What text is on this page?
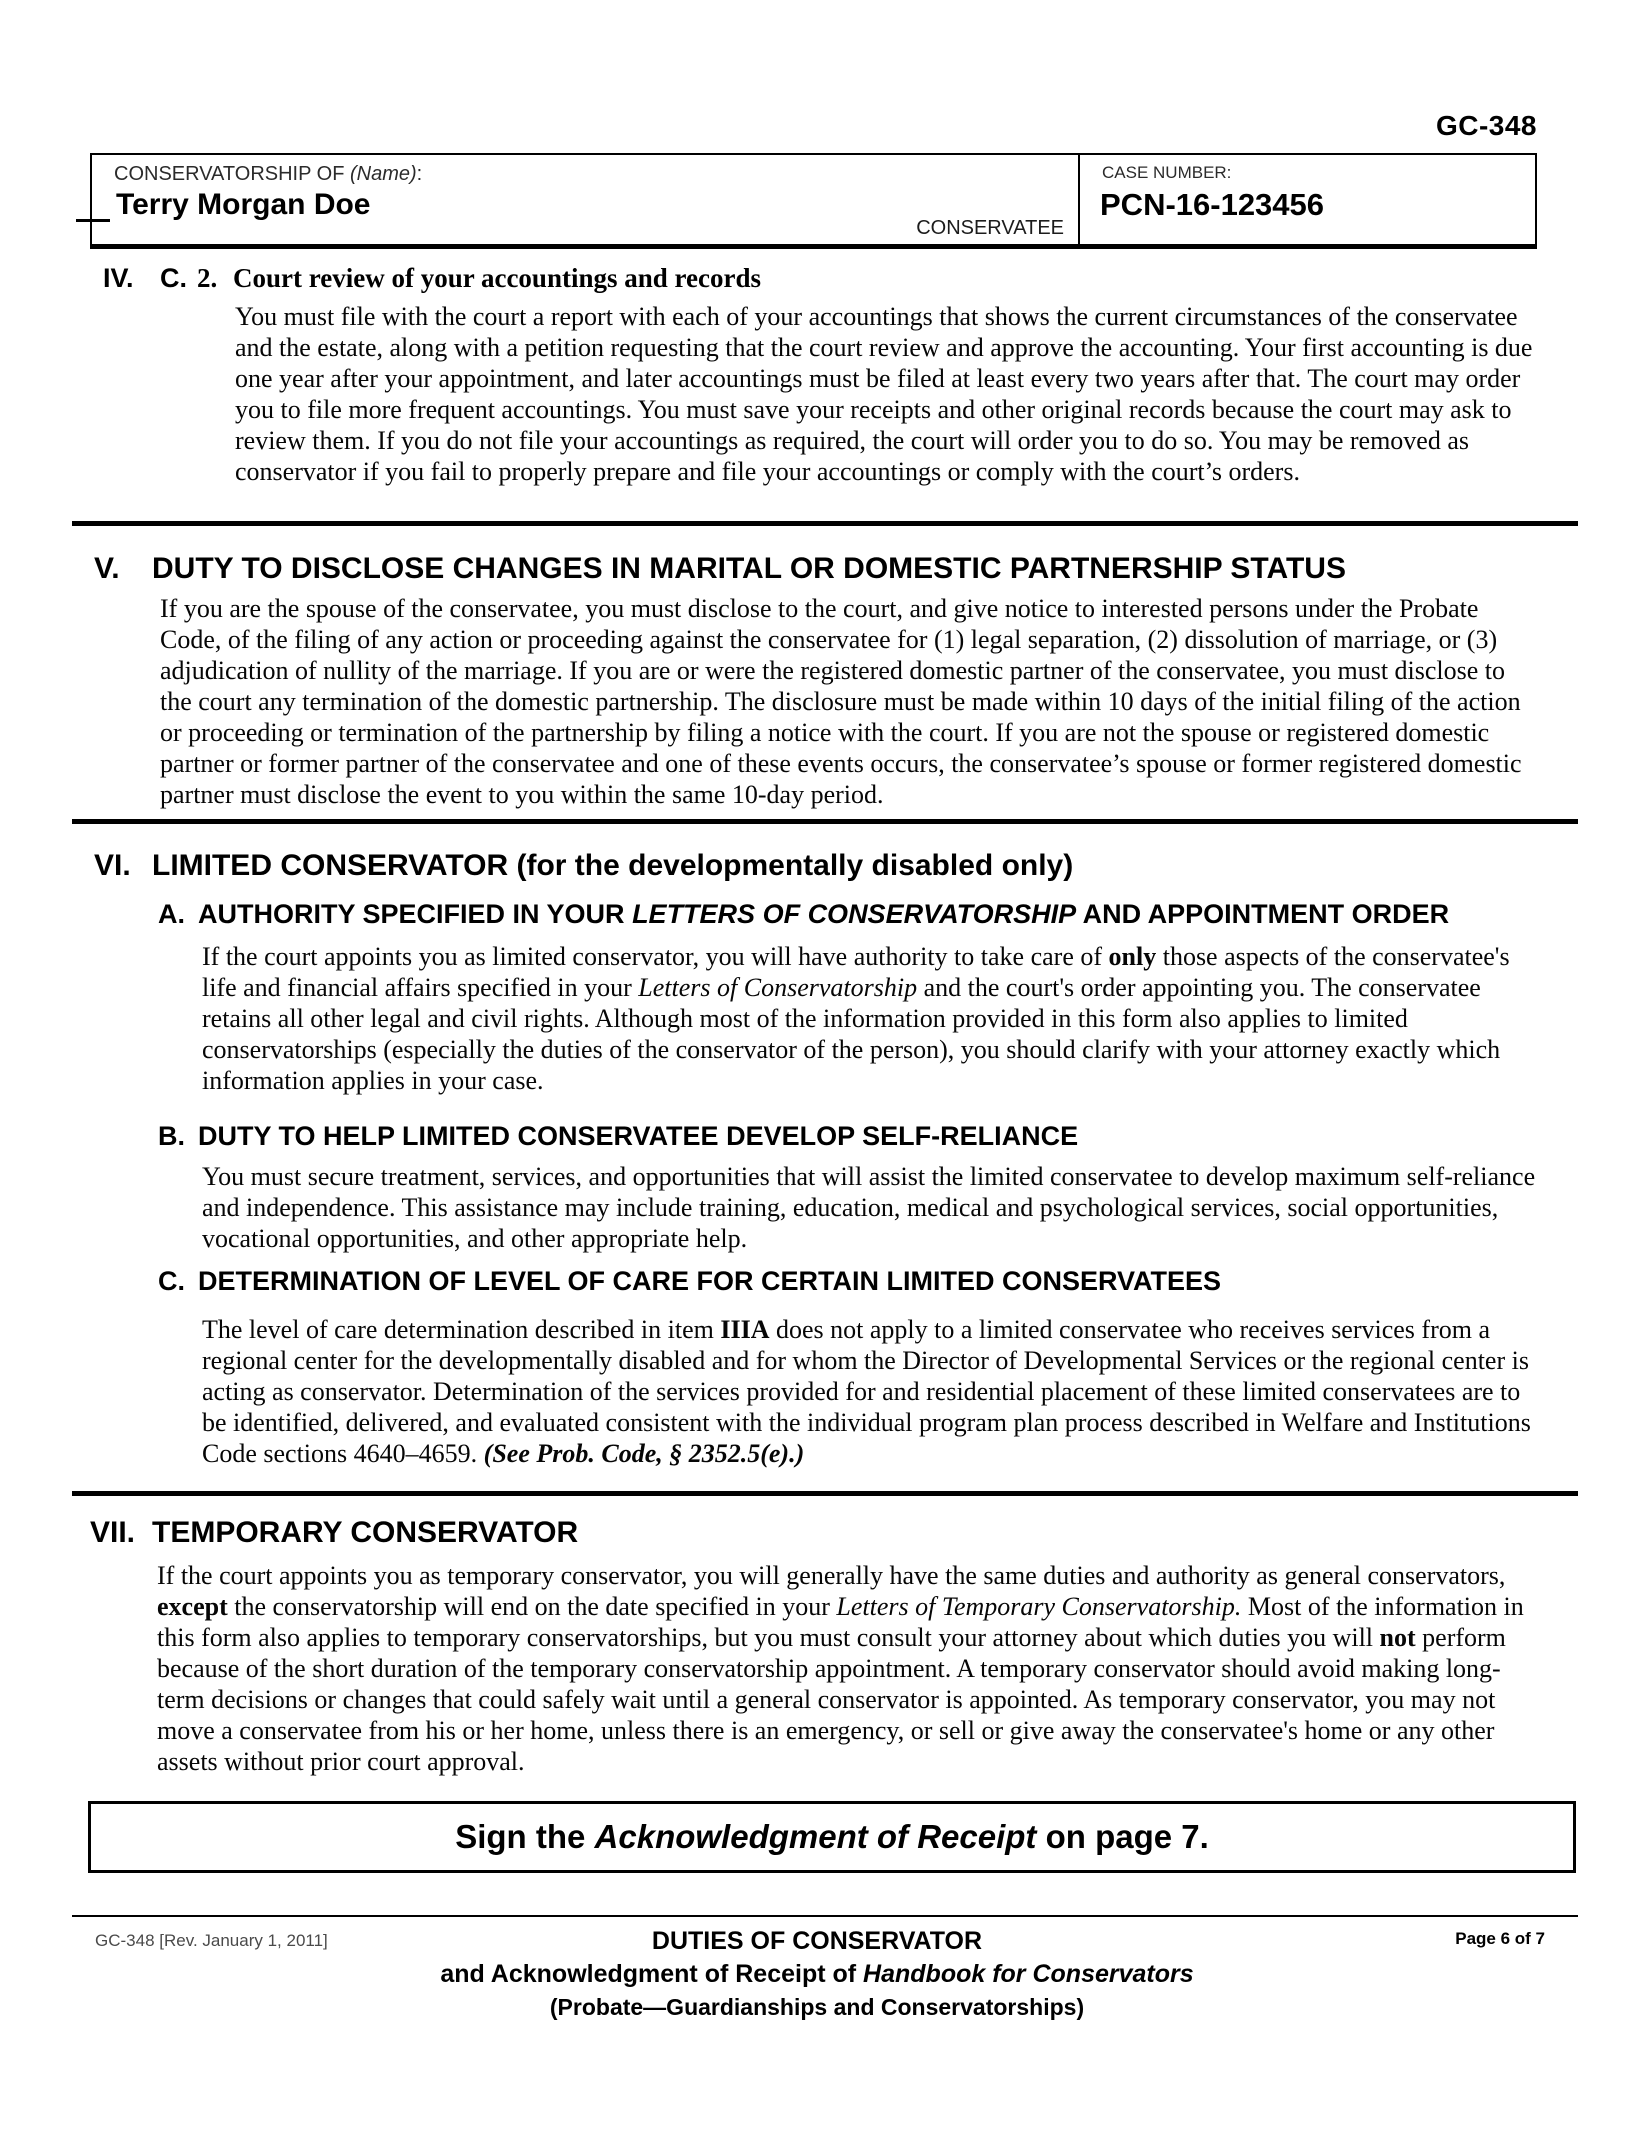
GC-348
CONSERVATORSHIP OF (Name):
Terry Morgan Doe
CONSERVATEE
CASE NUMBER:
PCN-16-123456
IV. C. 2. Court review of your accountings and records
You must file with the court a report with each of your accountings that shows the current circumstances of the conservatee and the estate, along with a petition requesting that the court review and approve the accounting. Your first accounting is due one year after your appointment, and later accountings must be filed at least every two years after that. The court may order you to file more frequent accountings. You must save your receipts and other original records because the court may ask to review them. If you do not file your accountings as required, the court will order you to do so. You may be removed as conservator if you fail to properly prepare and file your accountings or comply with the court’s orders.
V. DUTY TO DISCLOSE CHANGES IN MARITAL OR DOMESTIC PARTNERSHIP STATUS
If you are the spouse of the conservatee, you must disclose to the court, and give notice to interested persons under the Probate Code, of the filing of any action or proceeding against the conservatee for (1) legal separation, (2) dissolution of marriage, or (3) adjudication of nullity of the marriage. If you are or were the registered domestic partner of the conservatee, you must disclose to the court any termination of the domestic partnership. The disclosure must be made within 10 days of the initial filing of the action or proceeding or termination of the partnership by filing a notice with the court. If you are not the spouse or registered domestic partner or former partner of the conservatee and one of these events occurs, the conservatee’s spouse or former registered domestic partner must disclose the event to you within the same 10-day period.
VI. LIMITED CONSERVATOR (for the developmentally disabled only)
A. AUTHORITY SPECIFIED IN YOUR LETTERS OF CONSERVATORSHIP AND APPOINTMENT ORDER
If the court appoints you as limited conservator, you will have authority to take care of only those aspects of the conservatee's life and financial affairs specified in your Letters of Conservatorship and the court's order appointing you. The conservatee retains all other legal and civil rights. Although most of the information provided in this form also applies to limited conservatorships (especially the duties of the conservator of the person), you should clarify with your attorney exactly which information applies in your case.
B. DUTY TO HELP LIMITED CONSERVATEE DEVELOP SELF-RELIANCE
You must secure treatment, services, and opportunities that will assist the limited conservatee to develop maximum self-reliance and independence. This assistance may include training, education, medical and psychological services, social opportunities, vocational opportunities, and other appropriate help.
C. DETERMINATION OF LEVEL OF CARE FOR CERTAIN LIMITED CONSERVATEES
The level of care determination described in item IIIA does not apply to a limited conservatee who receives services from a regional center for the developmentally disabled and for whom the Director of Developmental Services or the regional center is acting as conservator. Determination of the services provided for and residential placement of these limited conservatees are to be identified, delivered, and evaluated consistent with the individual program plan process described in Welfare and Institutions Code sections 4640–4659. (See Prob. Code, § 2352.5(e).)
VII. TEMPORARY CONSERVATOR
If the court appoints you as temporary conservator, you will generally have the same duties and authority as general conservators, except the conservatorship will end on the date specified in your Letters of Temporary Conservatorship. Most of the information in this form also applies to temporary conservatorships, but you must consult your attorney about which duties you will not perform because of the short duration of the temporary conservatorship appointment. A temporary conservator should avoid making long-term decisions or changes that could safely wait until a general conservator is appointed. As temporary conservator, you may not move a conservatee from his or her home, unless there is an emergency, or sell or give away the conservatee's home or any other assets without prior court approval.
Sign the Acknowledgment of Receipt on page 7.
GC-348 [Rev. January 1, 2011]	Page 6 of 7
DUTIES OF CONSERVATOR
and Acknowledgment of Receipt of Handbook for Conservators
(Probate—Guardianships and Conservatorships)
